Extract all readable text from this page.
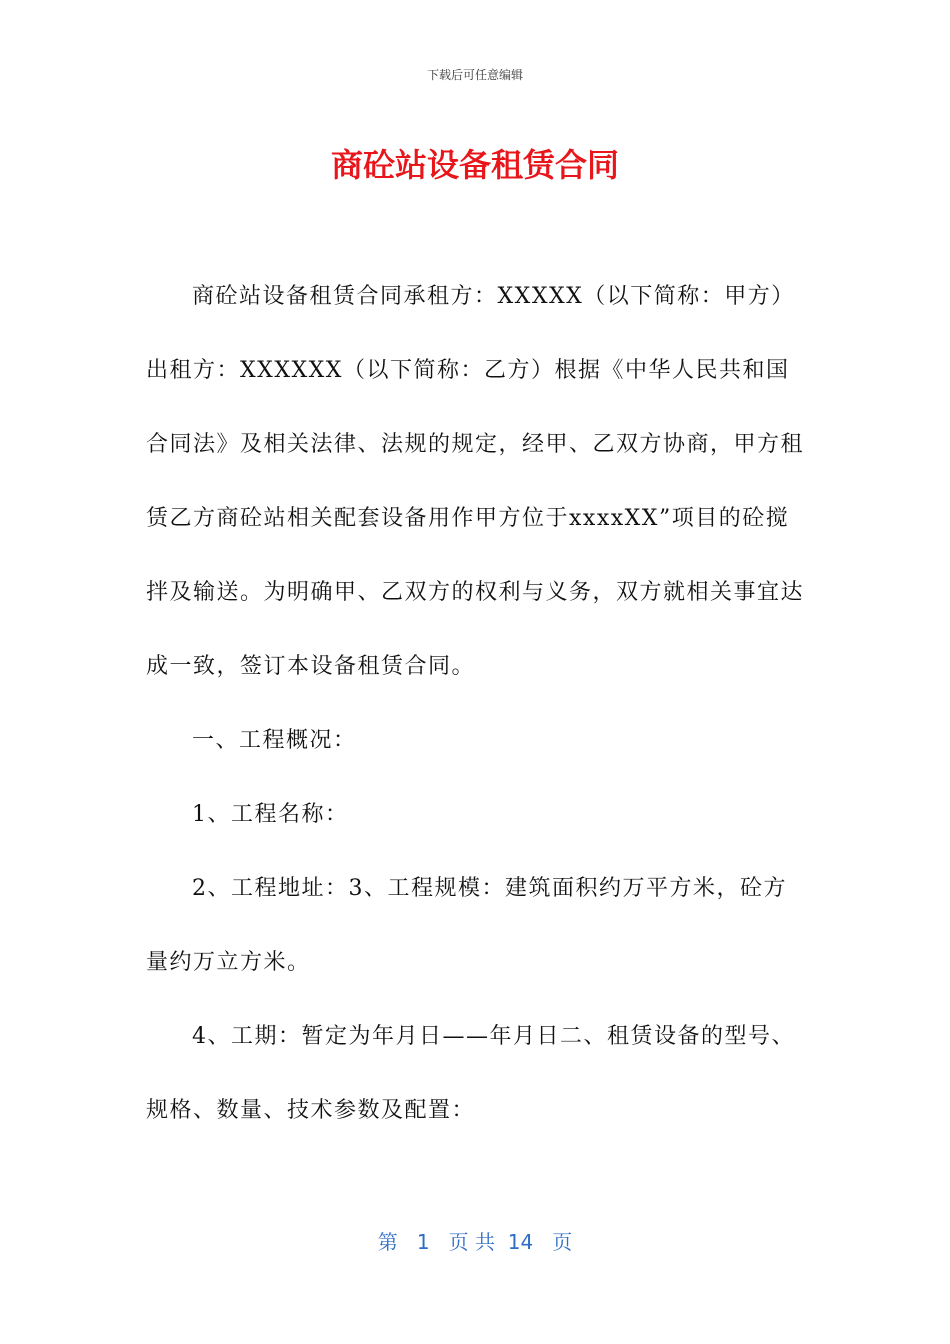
下载后可任意编辑
商砼站设备租赁合同

商砼站设备租赁合同承租方：XXXXX（以下简称：甲方）出租方：XXXXXX（以下简称：乙方）根据《中华人民共和国合同法》及相关法律、法规的规定，经甲、乙双方协商，甲方租赁乙方商砼站相关配套设备用作甲方位于xxxxXX”项目的砼搅拌及输送。为明确甲、乙双方的权利与义务，双方就相关事宜达成一致，签订本设备租赁合同。

一、工程概况：

1、工程名称：

2、工程地址：3、工程规模：建筑面积约万平方米，砼方量约万立方米。

4、工期：暂定为年月日——年月日二、租赁设备的型号、规格、数量、技术参数及配置：

第 1 页 共 14 页
